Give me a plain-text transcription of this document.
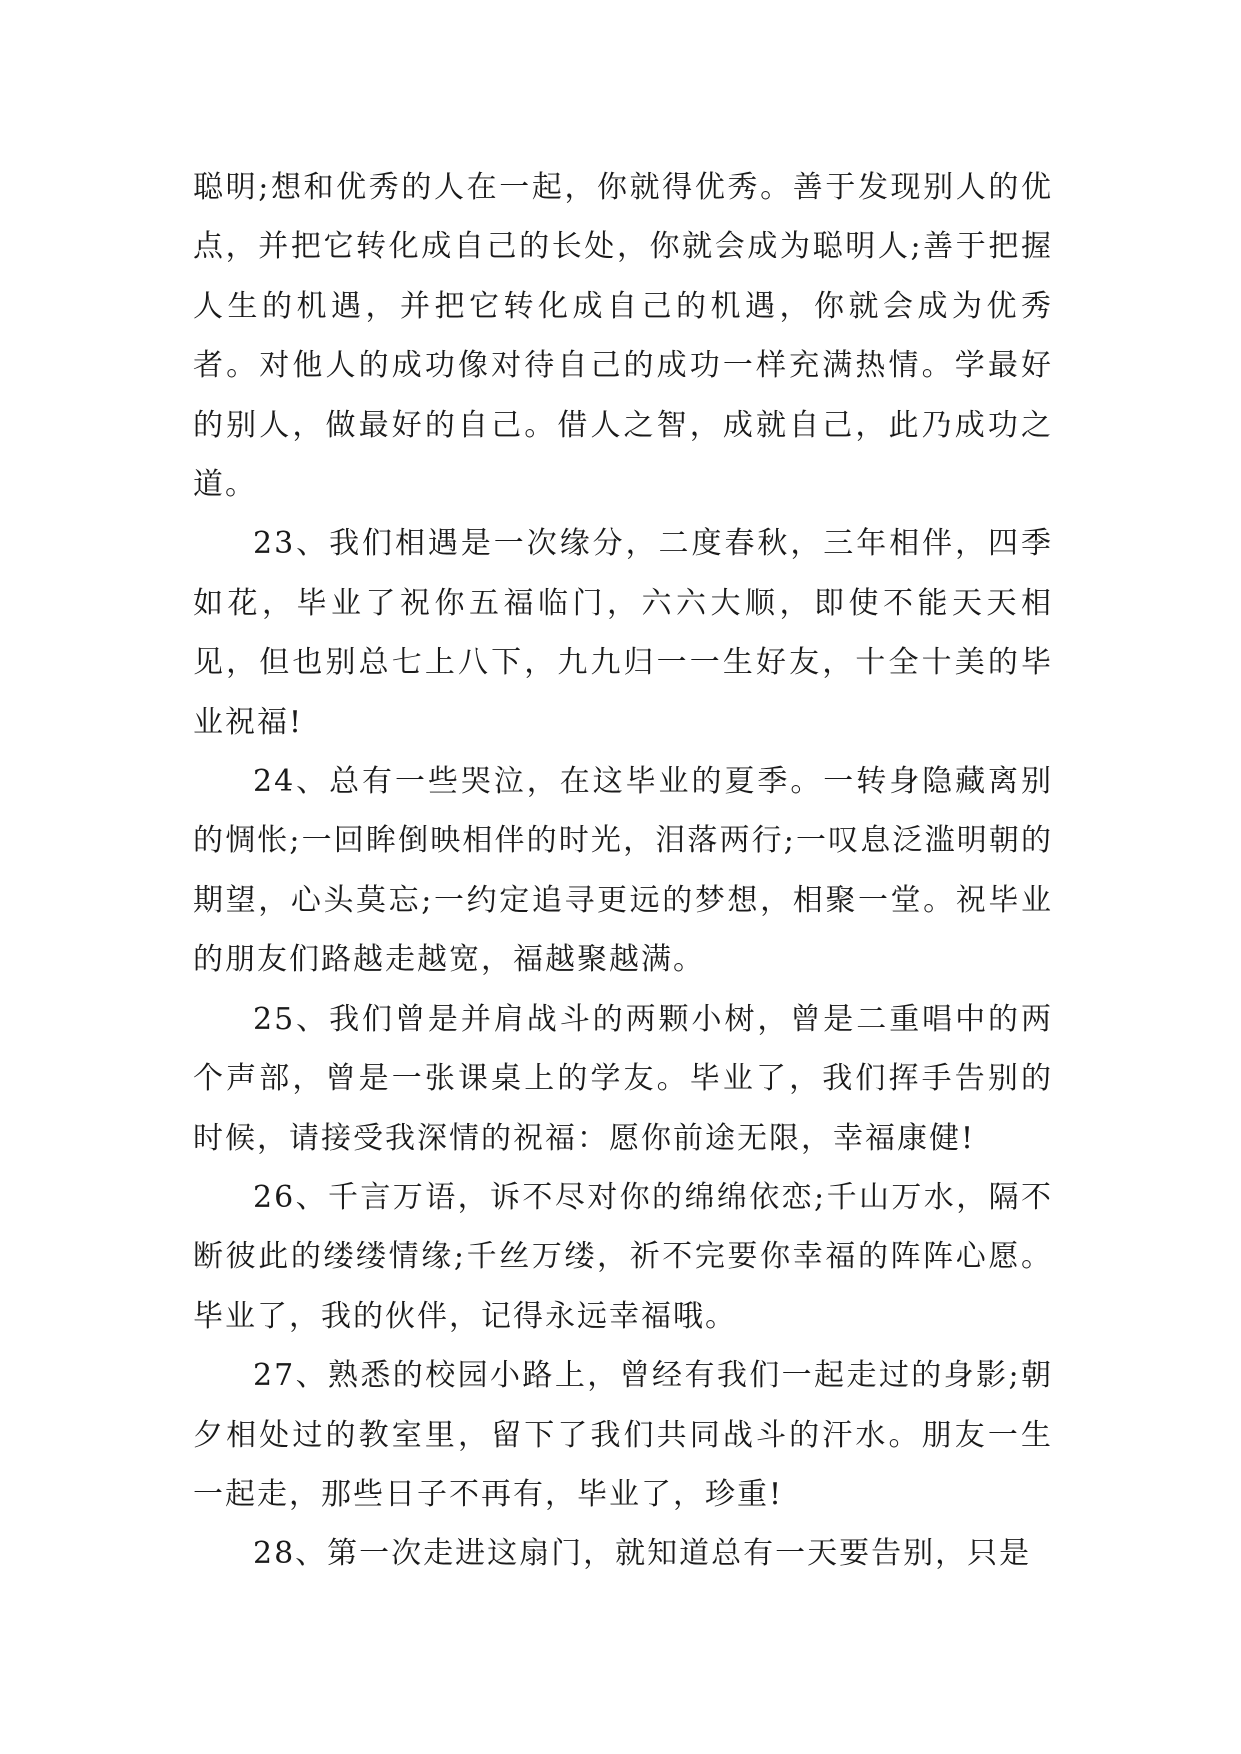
聪明;想和优秀的人在一起，你就得优秀。善于发现别人的优点，并把它转化成自己的长处，你就会成为聪明人;善于把握人生的机遇，并把它转化成自己的机遇，你就会成为优秀者。对他人的成功像对待自己的成功一样充满热情。学最好的别人，做最好的自己。借人之智，成就自己，此乃成功之道。

23、我们相遇是一次缘分，二度春秋，三年相伴，四季如花，毕业了祝你五福临门，六六大顺，即使不能天天相见，但也别总七上八下，九九归一一生好友，十全十美的毕业祝福!

24、总有一些哭泣，在这毕业的夏季。一转身隐藏离别的惆怅;一回眸倒映相伴的时光，泪落两行;一叹息泛滥明朝的期望，心头莫忘;一约定追寻更远的梦想，相聚一堂。祝毕业的朋友们路越走越宽，福越聚越满。

25、我们曾是并肩战斗的两颗小树，曾是二重唱中的两个声部，曾是一张课桌上的学友。毕业了，我们挥手告别的时候，请接受我深情的祝福：愿你前途无限，幸福康健!

26、千言万语，诉不尽对你的绵绵依恋;千山万水，隔不断彼此的缕缕情缘;千丝万缕，祈不完要你幸福的阵阵心愿。毕业了，我的伙伴，记得永远幸福哦。

27、熟悉的校园小路上，曾经有我们一起走过的身影;朝夕相处过的教室里，留下了我们共同战斗的汗水。朋友一生一起走，那些日子不再有，毕业了，珍重!

28、第一次走进这扇门，就知道总有一天要告别，只是
